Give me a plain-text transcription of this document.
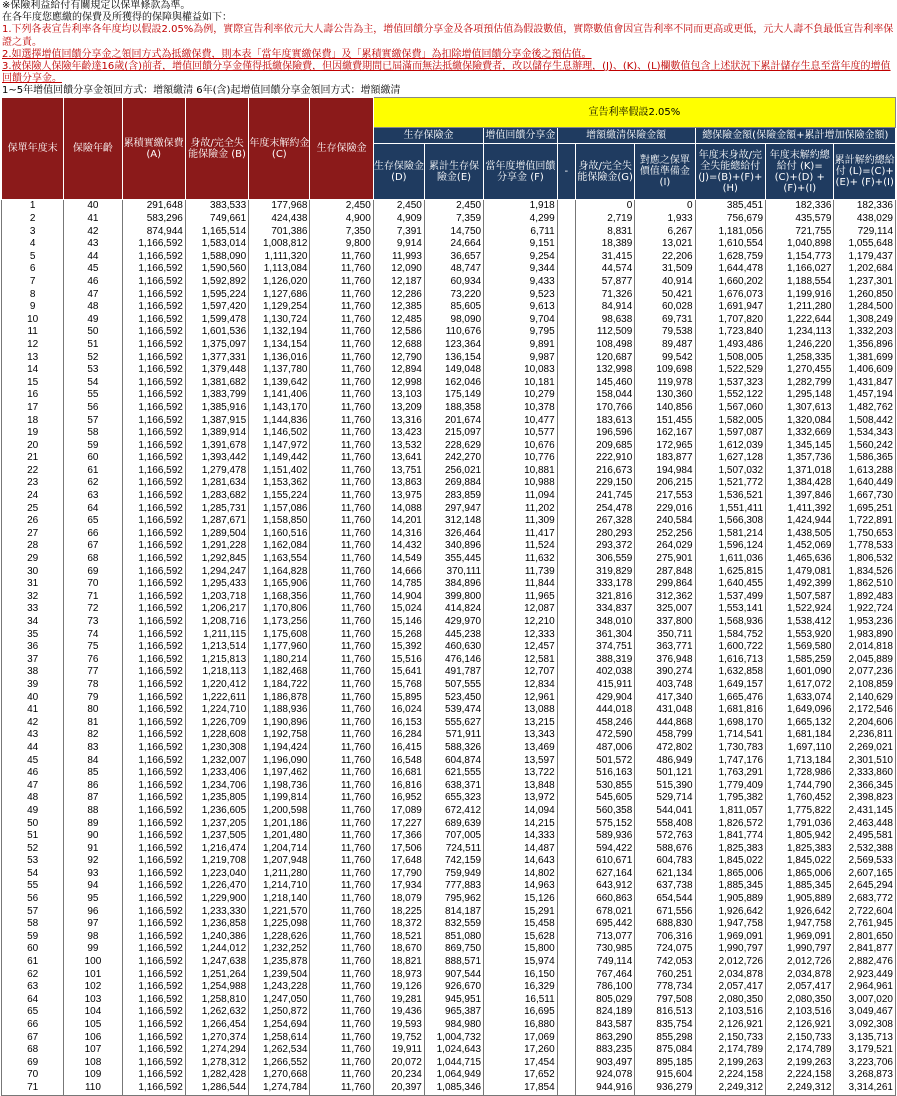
※保險利益給付有關規定以保單條款為準。
在各年度您應繳的保費及所獲得的保障與權益如下：
1.下列各表宣告利率各年度均以假設2.05%為例，實際宣告利率依元大人壽公告為主，增值回饋分享金及各項預估值為假設數值，實際數值會因宣告利率不同而更高或更低，元大人壽不負最低宣告利率保證之責。
2.如選擇增值回饋分享金之領回方式為抵繳保費，則本表「當年度實繳保費」及「累積實繳保費」為扣除增值回饋分享金後之預估值。
3.被保險人保險年齡達16歲(含)前者，增值回饋分享金僅得抵繳保險費，但因繳費期間已屆滿而無法抵繳保險費者，改以儲存生息辦理，(J)、(K)、(L)欄數值包含上述狀況下累計儲存生息至當年度的增值回饋分享金。
1~5年增值回饋分享金領回方式：增額繳清 6年(含)起增值回饋分享金領回方式：增額繳清
保單年度末	保險年齡	累積實繳保費(A)	身故/完全失能保險金 (B)	年度末解約金 (C)	生存保險金	宣告利率假設2.05%								
						生存保險金		增值回饋分享金	增額繳清保險金額			總保險金額(保險金額+累計增加保險金額)		
						生存保險金 (D)	累計生存保險金(E)	當年度增值回饋分享金 (F)	-	身故/完全失能保險金(G)	對應之保單價值準備金 (I)	年度末身故/完全失能總給付 (J)=(B)+(F)+(H)	年度末解約總給付 (K)=(C)+(D) +(F)+(I)	累計解約總給付 (L)=(C)+(E)+ (F)+(I)
1	40	291,648	383,533	177,968	2,450	2,450	2,450	1,918		0	0	385,451	182,336	182,336
2	41	583,296	749,661	424,438	4,900	4,909	7,359	4,299		2,719	1,933	756,679	435,579	438,029
3	42	874,944	1,165,514	701,386	7,350	7,391	14,750	6,711		8,831	6,267	1,181,056	721,755	729,114
4	43	1,166,592	1,583,014	1,008,812	9,800	9,914	24,664	9,151		18,389	13,021	1,610,554	1,040,898	1,055,648
5	44	1,166,592	1,588,090	1,111,320	11,760	11,993	36,657	9,254		31,415	22,206	1,628,759	1,154,773	1,179,437
6	45	1,166,592	1,590,560	1,113,084	11,760	12,090	48,747	9,344		44,574	31,509	1,644,478	1,166,027	1,202,684
7	46	1,166,592	1,592,892	1,126,020	11,760	12,187	60,934	9,433		57,877	40,914	1,660,202	1,188,554	1,237,301
8	47	1,166,592	1,595,224	1,127,686	11,760	12,286	73,220	9,523		71,326	50,421	1,676,073	1,199,916	1,260,850
9	48	1,166,592	1,597,420	1,129,254	11,760	12,385	85,605	9,613		84,914	60,028	1,691,947	1,211,280	1,284,500
10	49	1,166,592	1,599,478	1,130,724	11,760	12,485	98,090	9,704		98,638	69,731	1,707,820	1,222,644	1,308,249
11	50	1,166,592	1,601,536	1,132,194	11,760	12,586	110,676	9,795		112,509	79,538	1,723,840	1,234,113	1,332,203
12	51	1,166,592	1,375,097	1,134,154	11,760	12,688	123,364	9,891		108,498	89,487	1,493,486	1,246,220	1,356,896
13	52	1,166,592	1,377,331	1,136,016	11,760	12,790	136,154	9,987		120,687	99,542	1,508,005	1,258,335	1,381,699
14	53	1,166,592	1,379,448	1,137,780	11,760	12,894	149,048	10,083		132,998	109,698	1,522,529	1,270,455	1,406,609
15	54	1,166,592	1,381,682	1,139,642	11,760	12,998	162,046	10,181		145,460	119,978	1,537,323	1,282,799	1,431,847
16	55	1,166,592	1,383,799	1,141,406	11,760	13,103	175,149	10,279		158,044	130,360	1,552,122	1,295,148	1,457,194
17	56	1,166,592	1,385,916	1,143,170	11,760	13,209	188,358	10,378		170,766	140,856	1,567,060	1,307,613	1,482,762
18	57	1,166,592	1,387,915	1,144,836	11,760	13,316	201,674	10,477		183,613	151,455	1,582,005	1,320,084	1,508,442
19	58	1,166,592	1,389,914	1,146,502	11,760	13,423	215,097	10,577		196,596	162,167	1,597,087	1,332,669	1,534,343
20	59	1,166,592	1,391,678	1,147,972	11,760	13,532	228,629	10,676		209,685	172,965	1,612,039	1,345,145	1,560,242
21	60	1,166,592	1,393,442	1,149,442	11,760	13,641	242,270	10,776		222,910	183,877	1,627,128	1,357,736	1,586,365
22	61	1,166,592	1,279,478	1,151,402	11,760	13,751	256,021	10,881		216,673	194,984	1,507,032	1,371,018	1,613,288
23	62	1,166,592	1,281,634	1,153,362	11,760	13,863	269,884	10,988		229,150	206,215	1,521,772	1,384,428	1,640,449
24	63	1,166,592	1,283,682	1,155,224	11,760	13,975	283,859	11,094		241,745	217,553	1,536,521	1,397,846	1,667,730
25	64	1,166,592	1,285,731	1,157,086	11,760	14,088	297,947	11,202		254,478	229,016	1,551,411	1,411,392	1,695,251
26	65	1,166,592	1,287,671	1,158,850	11,760	14,201	312,148	11,309		267,328	240,584	1,566,308	1,424,944	1,722,891
27	66	1,166,592	1,289,504	1,160,516	11,760	14,316	326,464	11,417		280,293	252,256	1,581,214	1,438,505	1,750,653
28	67	1,166,592	1,291,228	1,162,084	11,760	14,432	340,896	11,524		293,372	264,029	1,596,124	1,452,069	1,778,533
29	68	1,166,592	1,292,845	1,163,554	11,760	14,549	355,445	11,632		306,559	275,901	1,611,036	1,465,636	1,806,532
30	69	1,166,592	1,294,247	1,164,828	11,760	14,666	370,111	11,739		319,829	287,848	1,625,815	1,479,081	1,834,526
31	70	1,166,592	1,295,433	1,165,906	11,760	14,785	384,896	11,844		333,178	299,864	1,640,455	1,492,399	1,862,510
32	71	1,166,592	1,203,718	1,168,356	11,760	14,904	399,800	11,965		321,816	312,362	1,537,499	1,507,587	1,892,483
33	72	1,166,592	1,206,217	1,170,806	11,760	15,024	414,824	12,087		334,837	325,007	1,553,141	1,522,924	1,922,724
34	73	1,166,592	1,208,716	1,173,256	11,760	15,146	429,970	12,210		348,010	337,800	1,568,936	1,538,412	1,953,236
35	74	1,166,592	1,211,115	1,175,608	11,760	15,268	445,238	12,333		361,304	350,711	1,584,752	1,553,920	1,983,890
36	75	1,166,592	1,213,514	1,177,960	11,760	15,392	460,630	12,457		374,751	363,771	1,600,722	1,569,580	2,014,818
37	76	1,166,592	1,215,813	1,180,214	11,760	15,516	476,146	12,581		388,319	376,948	1,616,713	1,585,259	2,045,889
38	77	1,166,592	1,218,113	1,182,468	11,760	15,641	491,787	12,707		402,038	390,274	1,632,858	1,601,090	2,077,236
39	78	1,166,592	1,220,412	1,184,722	11,760	15,768	507,555	12,834		415,911	403,748	1,649,157	1,617,072	2,108,859
40	79	1,166,592	1,222,611	1,186,878	11,760	15,895	523,450	12,961		429,904	417,340	1,665,476	1,633,074	2,140,629
41	80	1,166,592	1,224,710	1,188,936	11,760	16,024	539,474	13,088		444,018	431,048	1,681,816	1,649,096	2,172,546
42	81	1,166,592	1,226,709	1,190,896	11,760	16,153	555,627	13,215		458,246	444,868	1,698,170	1,665,132	2,204,606
43	82	1,166,592	1,228,608	1,192,758	11,760	16,284	571,911	13,343		472,590	458,799	1,714,541	1,681,184	2,236,811
44	83	1,166,592	1,230,308	1,194,424	11,760	16,415	588,326	13,469		487,006	472,802	1,730,783	1,697,110	2,269,021
45	84	1,166,592	1,232,007	1,196,090	11,760	16,548	604,874	13,597		501,572	486,949	1,747,176	1,713,184	2,301,510
46	85	1,166,592	1,233,406	1,197,462	11,760	16,681	621,555	13,722		516,163	501,121	1,763,291	1,728,986	2,333,860
47	86	1,166,592	1,234,706	1,198,736	11,760	16,816	638,371	13,848		530,855	515,390	1,779,409	1,744,790	2,366,345
48	87	1,166,592	1,235,805	1,199,814	11,760	16,952	655,323	13,972		545,605	529,714	1,795,382	1,760,452	2,398,823
49	88	1,166,592	1,236,605	1,200,598	11,760	17,089	672,412	14,094		560,358	544,041	1,811,057	1,775,822	2,431,145
50	89	1,166,592	1,237,205	1,201,186	11,760	17,227	689,639	14,215		575,152	558,408	1,826,572	1,791,036	2,463,448
51	90	1,166,592	1,237,505	1,201,480	11,760	17,366	707,005	14,333		589,936	572,763	1,841,774	1,805,942	2,495,581
52	91	1,166,592	1,216,474	1,204,714	11,760	17,506	724,511	14,487		594,422	588,676	1,825,383	1,825,383	2,532,388
53	92	1,166,592	1,219,708	1,207,948	11,760	17,648	742,159	14,643		610,671	604,783	1,845,022	1,845,022	2,569,533
54	93	1,166,592	1,223,040	1,211,280	11,760	17,790	759,949	14,802		627,164	621,134	1,865,006	1,865,006	2,607,165
55	94	1,166,592	1,226,470	1,214,710	11,760	17,934	777,883	14,963		643,912	637,738	1,885,345	1,885,345	2,645,294
56	95	1,166,592	1,229,900	1,218,140	11,760	18,079	795,962	15,126		660,863	654,544	1,905,889	1,905,889	2,683,772
57	96	1,166,592	1,233,330	1,221,570	11,760	18,225	814,187	15,291		678,021	671,556	1,926,642	1,926,642	2,722,604
58	97	1,166,592	1,236,858	1,225,098	11,760	18,372	832,559	15,458		695,442	688,830	1,947,758	1,947,758	2,761,945
59	98	1,166,592	1,240,386	1,228,626	11,760	18,521	851,080	15,628		713,077	706,316	1,969,091	1,969,091	2,801,650
60	99	1,166,592	1,244,012	1,232,252	11,760	18,670	869,750	15,800		730,985	724,075	1,990,797	1,990,797	2,841,877
61	100	1,166,592	1,247,638	1,235,878	11,760	18,821	888,571	15,974		749,114	742,053	2,012,726	2,012,726	2,882,476
62	101	1,166,592	1,251,264	1,239,504	11,760	18,973	907,544	16,150		767,464	760,251	2,034,878	2,034,878	2,923,449
63	102	1,166,592	1,254,988	1,243,228	11,760	19,126	926,670	16,329		786,100	778,734	2,057,417	2,057,417	2,964,961
64	103	1,166,592	1,258,810	1,247,050	11,760	19,281	945,951	16,511		805,029	797,508	2,080,350	2,080,350	3,007,020
65	104	1,166,592	1,262,632	1,250,872	11,760	19,436	965,387	16,695		824,189	816,513	2,103,516	2,103,516	3,049,467
66	105	1,166,592	1,266,454	1,254,694	11,760	19,593	984,980	16,880		843,587	835,754	2,126,921	2,126,921	3,092,308
67	106	1,166,592	1,270,374	1,258,614	11,760	19,752	1,004,732	17,069		863,290	855,298	2,150,733	2,150,733	3,135,713
68	107	1,166,592	1,274,294	1,262,534	11,760	19,911	1,024,643	17,260		883,235	875,084	2,174,789	2,174,789	3,179,521
69	108	1,166,592	1,278,312	1,266,552	11,760	20,072	1,044,715	17,454		903,497	895,185	2,199,263	2,199,263	3,223,706
70	109	1,166,592	1,282,428	1,270,668	11,760	20,234	1,064,949	17,652		924,078	915,604	2,224,158	2,224,158	3,268,873
71	110	1,166,592	1,286,544	1,274,784	11,760	20,397	1,085,346	17,854		944,916	936,279	2,249,312	2,249,312	3,314,261
